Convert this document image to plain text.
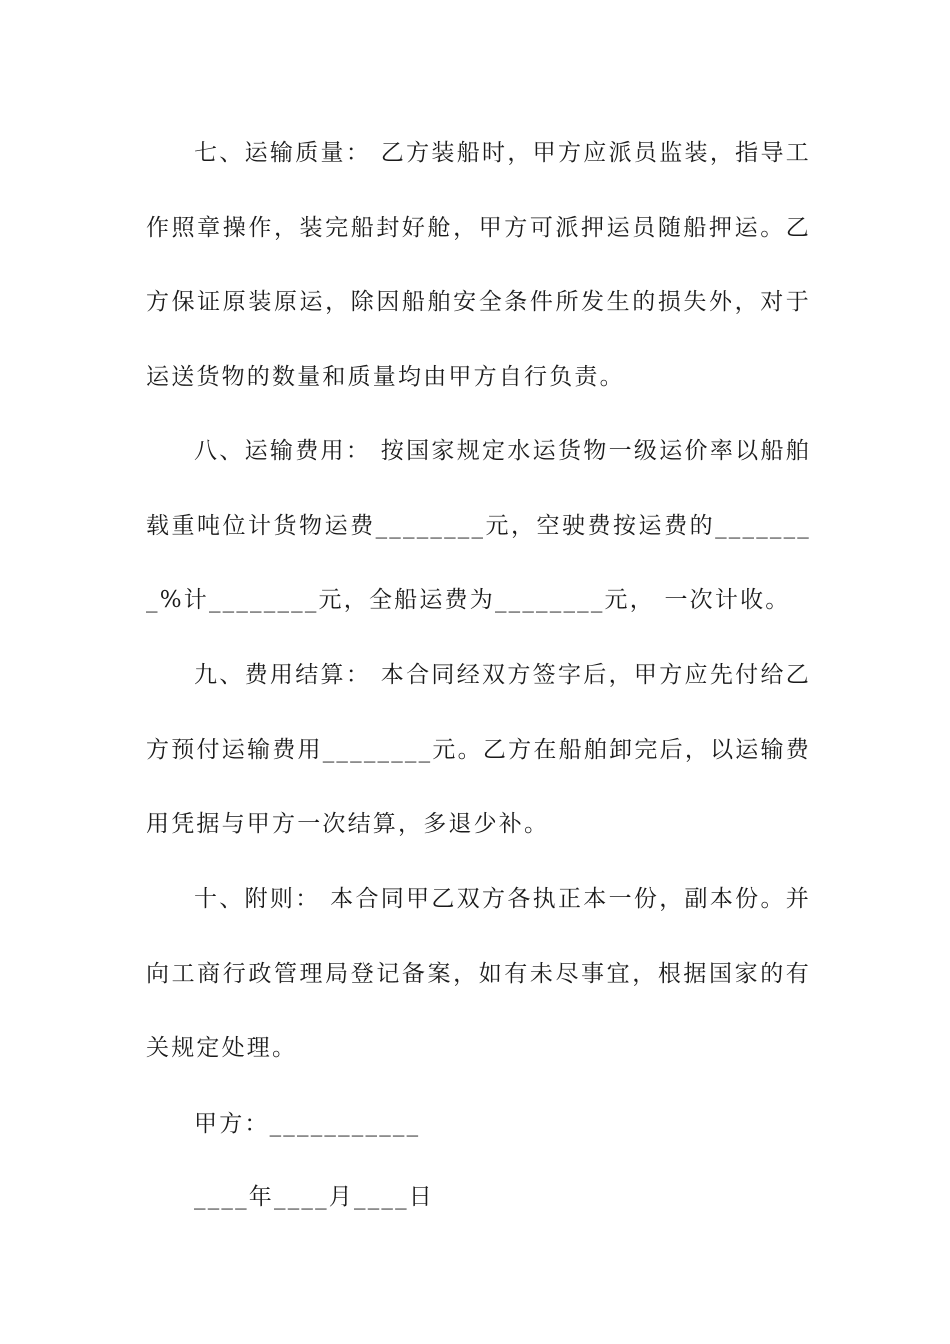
七、运输质量： 乙方装船时，甲方应派员监装，指导工作照章操作，装完船封好舱，甲方可派押运员随船押运。乙方保证原装原运，除因船舶安全条件所发生的损失外，对于运送货物的数量和质量均由甲方自行负责。

八、运输费用： 按国家规定水运货物一级运价率以船舶载重吨位计货物运费________元，空驶费按运费的________%计________元，全船运费为________元， 一次计收。

九、费用结算： 本合同经双方签字后，甲方应先付给乙方预付运输费用________元。乙方在船舶卸完后，以运输费用凭据与甲方一次结算，多退少补。

十、附则： 本合同甲乙双方各执正本一份，副本份。并向工商行政管理局登记备案，如有未尽事宜，根据国家的有关规定处理。

甲方：___________

____年____月____日
